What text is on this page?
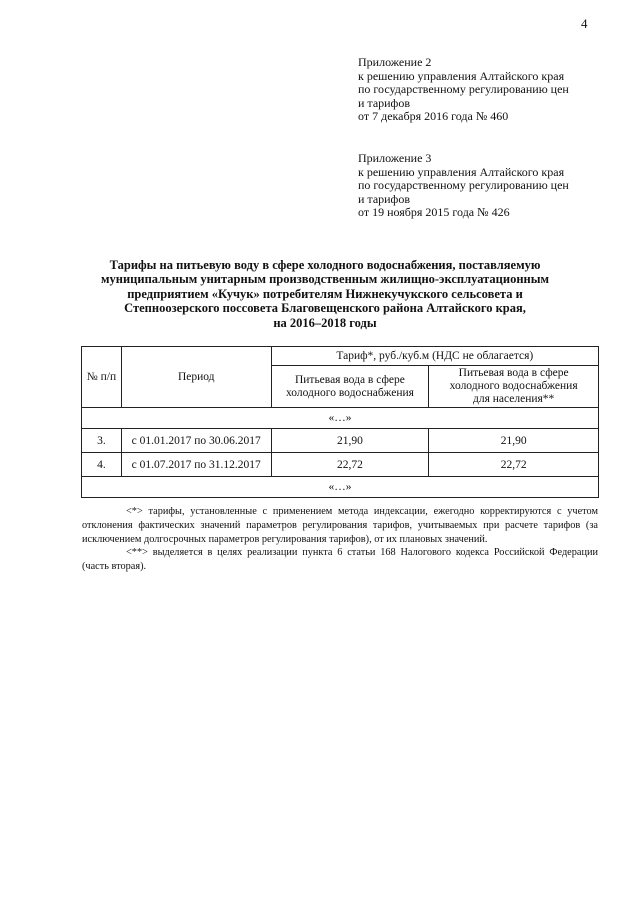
4
Приложение 2
к решению управления Алтайского края
по государственному регулированию цен
и тарифов
от 7 декабря 2016 года № 460
Приложение 3
к решению управления Алтайского края
по государственному регулированию цен
и тарифов
от 19 ноября 2015 года № 426
Тарифы на питьевую воду в сфере холодного водоснабжения, поставляемую
муниципальным унитарным производственным жилищно-эксплуатационным
предприятием «Кучук» потребителям Нижнекучукского сельсовета и
Степноозерского поссовета Благовещенского района Алтайского края,
на 2016–2018 годы
№ п/п	Период	Тариф*, руб./куб.м (НДС не облагается)	
		Питьевая вода в сфере холодного водоснабжения	Питьевая вода в сфере
холодного водоснабжения
для населения**

«…»			
3.	с 01.01.2017 по 30.06.2017	21,90	21,90
4.	с 01.07.2017 по 31.12.2017	22,72	22,72
«…»			

<*> тарифы, установленные с применением метода индексации, ежегодно корректируются с учетом отклонения фактических значений параметров регулирования тарифов, учитываемых при расчете тарифов (за исключением долгосрочных параметров регулирования тарифов), от их плановых значений.

<**> выделяется в целях реализации пункта 6 статьи 168 Налогового кодекса Российской Федерации (часть вторая).
